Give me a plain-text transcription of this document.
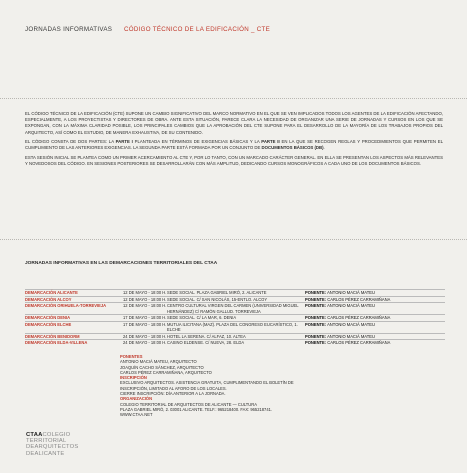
JORNADAS INFORMATIVAS CÓDIGO TÉCNICO DE LA EDIFICACIÓN _ CTE

EL CÓDIGO TÉCNICO DE LA EDIFICACIÓN (CTE) SUPONE UN CAMBIO SIGNIFICATIVO DEL MARCO NORMATIVO EN EL QUE SE VEN IMPLICADOS TODOS LOS AGENTES DE LA EDIFICACIÓN AFECTANDO, ESPECIALMENTE, A LOS PROYECTISTAS Y DIRECTORES DE OBRA. ANTE ESTA SITUACIÓN, PARECE CLARA LA NECESIDAD DE ORGANIZAR UNA SERIE DE JORNADAS Y CURSOS EN LOS QUE SE EXPONGAN, CON LA MÁXIMA CLARIDAD POSIBLE, LOS PRINCIPALES CAMBIOS QUE LA APROBACIÓN DEL CTE SUPONE PARA EL DESARROLLO DE LA MAYORÍA DE LOS TRABAJOS PROPIOS DEL ARQUITECTO, ASÍ COMO EL ESTUDIO, DE MANERA EXHAUSTIVA, DE SU CONTENIDO.

EL CÓDIGO CONSTA DE DOS PARTES: LA PARTE I PLANTEADA EN TÉRMINOS DE EXIGENCIAS BÁSICAS Y LA PARTE II EN LA QUE SE RECOGEN REGLAS Y PROCEDIMIENTOS QUE PERMITEN EL CUMPLIMIENTO DE LAS ANTERIORES EXIGENCIAS. LA SEGUNDA PARTE ESTÁ FORMADA POR UN CONJUNTO DE DOCUMENTOS BÁSICOS (DB).

ESTA SESIÓN INICIAL SE PLANTEA COMO UN PRIMER ACERCAMIENTO AL CTE Y, POR LO TANTO, CON UN MARCADO CARÁCTER GENERAL. EN ELLA SE PRESENTAN LOS ASPECTOS MÁS RELEVANTES Y NOVEDOSOS DEL CÓDIGO. EN SESIONES POSTERIORES SE DESARROLLARÁN CON MÁS AMPLITUD, DEDICANDO CURSOS MONOGRÁFICOS A CADA UNO DE LOS DOCUMENTOS BÁSICOS.

JORNADAS INFORMATIVAS EN LAS DEMARCACIONES TERRITORIALES DEL CTAA
DEMARCACIÓN ALICANTE	12 DE MAYO - 18:00 H.	SEDE SOCIAL. PLAZA GABRIEL MIRÓ, 2. ALICANTE	PONENTE: ANTONIO MACIÁ MATEU
DEMARCACIÓN ALCOY	12 DE MAYO - 18:00 H.	SEDE SOCIAL. C/ SAN NICOLÁS, 15-ENTLO. ALCOY	PONENTE: CARLOS PÉREZ CARRAMIÑANA
DEMARCACIÓN ORIHUELA-TORREVIEJA	12 DE MAYO - 18:00 H.	CENTRO CULTURAL VIRGEN DEL CARMEN (UNIVERSIDAD MIGUEL HERNÁNDEZ) C/ RAMÓN GALLUD. TORREVIEJA	PONENTE: ANTONIO MACIÁ MATEU
DEMARCACIÓN DENIA	17 DE MAYO - 18:00 H.	SEDE SOCIAL. C/ LA MAR, 6. DENIA	PONENTE: CARLOS PÉREZ CARRAMIÑANA
DEMARCACIÓN ELCHE	17 DE MAYO - 18:00 H.	MUTUA ILICITANA (MAZ). PLAZA DEL CONGRESO EUCARÍSTICO, 1. ELCHE	PONENTE: ANTONIO MACIÁ MATEU
DEMARCACIÓN BENIDORM	24 DE MAYO - 18:00 H.	HOTEL LA SERENA. C/ ALFAZ, 10. ALTEA	PONENTE: ANTONIO MACIÁ MATEU
DEMARCACIÓN ELDA-VILLENA	24 DE MAYO - 18:00 H.	CASINO ELDENSE. C/ NUEVA, 28. ELDA	PONENTE: CARLOS PÉREZ CARRAMIÑANA
PONENTES
ANTONIO MACIÁ MATEU, ARQUITECTO
JOAQUÍN CACHO SÁNCHEZ, ARQUITECTO
CARLOS PÉREZ CARRAMIÑANA, ARQUITECTO
INSCRIPCIÓN
EXCLUSIVO ARQUITECTOS. ASISTENCIA GRATUITA, CUMPLIMENTANDO EL BOLETÍN DE
INSCRIPCIÓN, LIMITADO AL AFORO DE LOS LOCALES.
CIERRE INSCRIPCIÓN: DÍA ANTERIOR A LA JORNADA.
ORGANIZACIÓN
COLEGIO TERRITORIAL DE ARQUITECTOS DE ALICANTE — CULTURA
PLAZA GABRIEL MIRÓ, 2. 03001 ALICANTE. TELF.: 965218400. FAX: 965218741.
WWW.CTAA.NET
CTAACOLEGIO
TERRITORIAL
DEARQUITECTOS
DEALICANTE
